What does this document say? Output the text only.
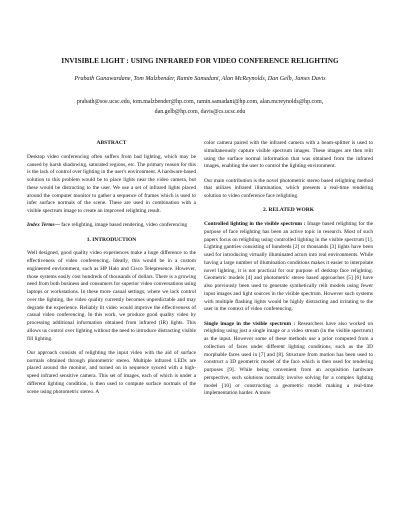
INVISIBLE LIGHT : USING INFRARED FOR VIDEO CONFERENCE RELIGHTING
Prabath Gunawardane, Tom Malzbender, Ramin Samadani, Alan McReynolds, Dan Gelb, James Davis
prabath@soe.ucsc.edu, tom.malzbender@hp.com, ramin.samadani@hp.com, alan.mcreynolds@hp.com,
dan.gelb@hp.com, davis@cs.ucsc.edu
ABSTRACT
Desktop video conferencing often suffers from bad lighting, which may be caused by harsh shadowing, saturated regions, etc. The primary reason for this is the lack of control over lighting in the user's environment. A hardware-based solution to this problem would be to place lights near the video camera, but these would be distracting to the user. We use a set of infrared lights placed around the computer monitor to gather a sequence of frames which is used to infer surface normals of the scene. These are used in combination with a visible spectrum image to create an improved relighting result.
Index Terms— face relighting, image based rendering, video conferencing
1. INTRODUCTION
Well designed, good quality video experiences make a huge difference to the effectiveness of video conferencing. Ideally, this would be in a custom engineered environment, such as HP Halo and Cisco Telepresence. However, those systems easily cost hundreds of thousands of dollars. There is a growing need from both business and consumers for superior video conversations using laptops or workstations. In these more casual settings, where we lack control over the lighting, the video quality currently becomes unpredictable and may degrade the experience. Reliably lit video would improve the effectiveness of casual video conferencing. In this work, we produce good quality video by processing additional information obtained from infrared (IR) lights. This allows us control over lighting without the need to introduce distracting visible fill lighting.
Our approach consists of relighting the input video with the aid of surface normals obtained through photometric stereo. Multiple infrared LEDs are placed around the monitor, and turned on in sequence synced with a high-speed infrared sensitive camera. This set of images, each of which is under a different lighting condition, is then used to compute surface normals of the scene using photometric stereo. A
color camera paired with the infrared camera with a beam-splitter is used to simultaneously capture visible spectrum images. These images are then relit using the surface normal information that was obtained from the infrared images, enabling the user to control the lighting environment.
Our main contribution is the novel photometric stereo based relighting method that utilizes infrared illumination, which presents a real-time rendering solution to video conference face relighting.
2. RELATED WORK
Controlled lighting in the visible spectrum : Image based relighting for the purpose of face relighting has been an active topic in research. Most of such papers focus on relighting using controlled lighting in the visible spectrum [1]. Lighting gantries consisting of hundreds [2] or thousands [3] lights have been used for introducing virtually illuminated actors into real environments. While having a large number of illumination conditions makes it easier to interpolate novel lighting, it is not practical for our purpose of desktop face relighting. Geometric models [4] and photometric stereo based approaches [5] [6] have also previously been used to generate synthetically relit models using fewer input images and light sources in the visible spectrum. However such systems with multiple flashing lights would be highly distracting and irritating to the user in the context of video conferencing.
Single image in the visible spectrum : Researchers have also worked on relighting using just a single image or a video stream (in the visible spectrum) as the input. However some of these methods use a prior computed from a collection of faces under different lighting conditions, such as the 3D morphable faces used in [7] and [8]. Structure from motion has been used to construct a 3D geometric model of the face which is then used for rendering purposes [9]. While being convenient from an acquisition hardware perspective, such solutions normally involve solving for a complex lighting model [10] or constructing a geometric model making a real-time implementation harder. A more
